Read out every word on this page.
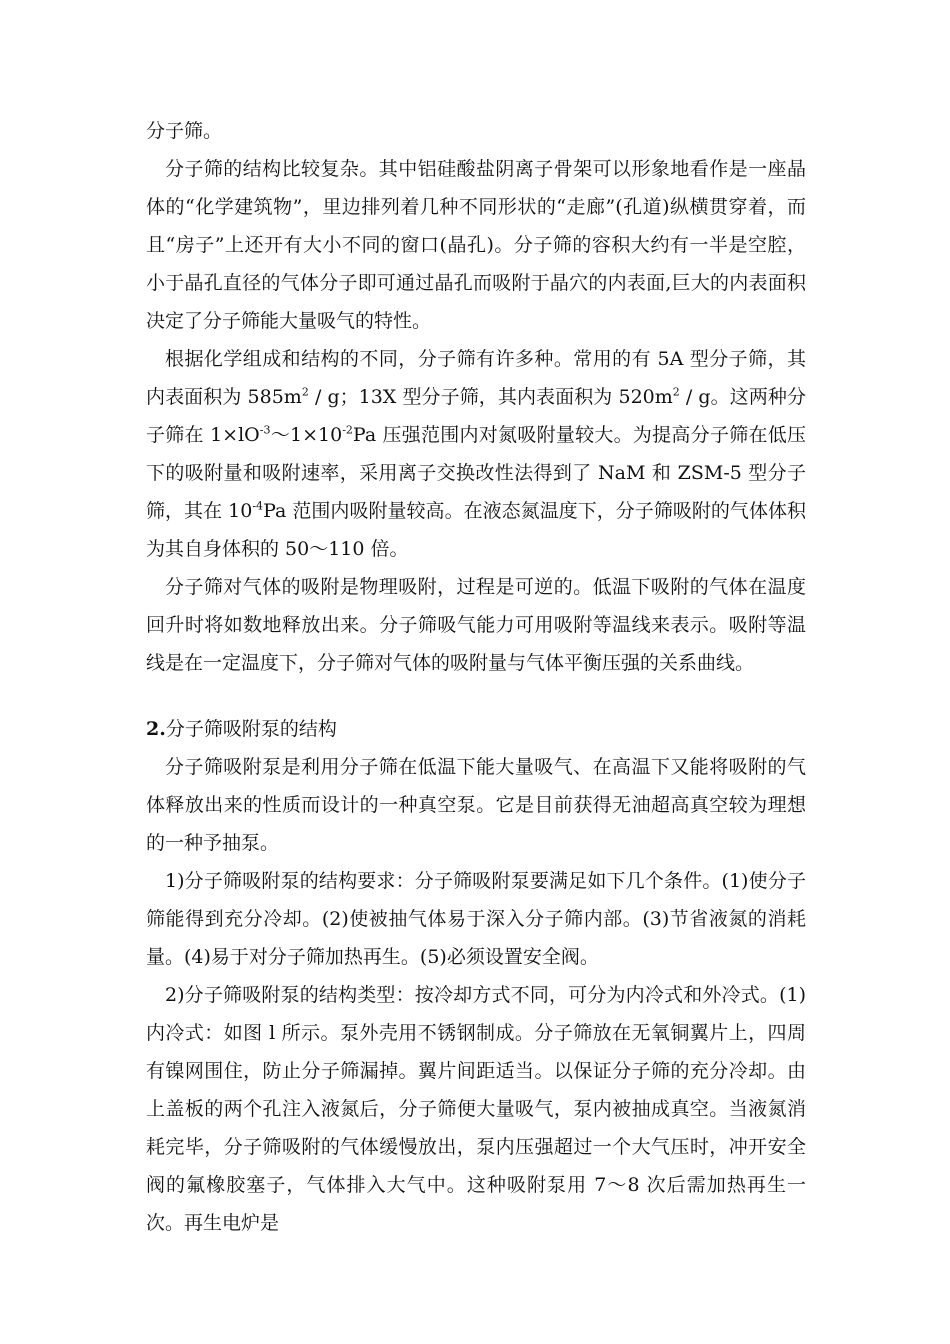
分子筛。

分子筛的结构比较复杂。其中铝硅酸盐阴离子骨架可以形象地看作是一座晶体的“化学建筑物”，里边排列着几种不同形状的“走廊”(孔道)纵横贯穿着，而且“房子”上还开有大小不同的窗口(晶孔)。分子筛的容积大约有一半是空腔，小于晶孔直径的气体分子即可通过晶孔而吸附于晶穴的内表面,巨大的内表面积决定了分子筛能大量吸气的特性。

根据化学组成和结构的不同，分子筛有许多种。常用的有 5A 型分子筛，其内表面积为 $585m^2$ / g；13X 型分子筛，其内表面积为 $520m^2$ / g。这两种分子筛在 $1\times lO^{-3}\sim 1\times 10^{-2}Pa$ 压强范围内对氮吸附量较大。为提高分子筛在低压下的吸附量和吸附速率，采用离子交换改性法得到了 NaM 和 ZSM-5 型分子筛，其在 $10^{-4}Pa$ 范围内吸附量较高。在液态氮温度下，分子筛吸附的气体体积为其自身体积的 50～110 倍。

分子筛对气体的吸附是物理吸附，过程是可逆的。低温下吸附的气体在温度回升时将如数地释放出来。分子筛吸气能力可用吸附等温线来表示。吸附等温线是在一定温度下，分子筛对气体的吸附量与气体平衡压强的关系曲线。

2.分子筛吸附泵的结构

分子筛吸附泵是利用分子筛在低温下能大量吸气、在高温下又能将吸附的气体释放出来的性质而设计的一种真空泵。它是目前获得无油超高真空较为理想的一种予抽泵。

1)分子筛吸附泵的结构要求：分子筛吸附泵要满足如下几个条件。(1)使分子筛能得到充分冷却。(2)使被抽气体易于深入分子筛内部。(3)节省液氮的消耗量。(4)易于对分子筛加热再生。(5)必须设置安全阀。

2)分子筛吸附泵的结构类型：按冷却方式不同，可分为内冷式和外冷式。(1)内冷式：如图 l 所示。泵外壳用不锈钢制成。分子筛放在无氧铜翼片上，四周有镍网围住，防止分子筛漏掉。翼片间距适当。以保证分子筛的充分冷却。由上盖板的两个孔注入液氮后，分子筛便大量吸气，泵内被抽成真空。当液氮消耗完毕，分子筛吸附的气体缓慢放出，泵内压强超过一个大气压时，冲开安全阀的氟橡胶塞子，气体排入大气中。这种吸附泵用 7～8 次后需加热再生一次。再生电炉是
